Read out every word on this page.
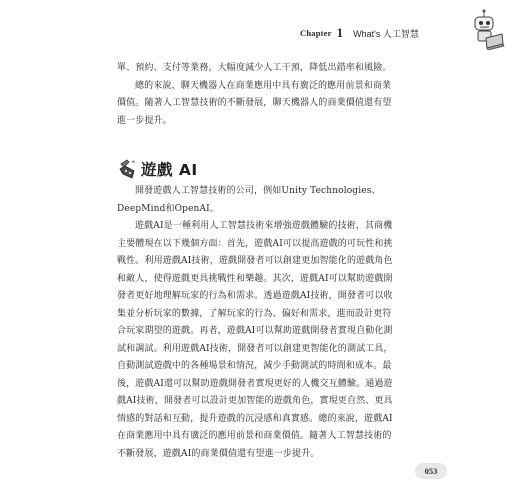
Chapter 1 What's 人工智慧
單、預約、支付等業務，大幅度減少人工干預，降低出錯率和風險。
總的來說，聊天機器人在商業應用中具有廣泛的應用前景和商業
價值。隨著人工智慧技術的不斷發展，聊天機器人的商業價值還有望
進一步提升。
遊戲 AI
開發遊戲人工智慧技術的公司，例如Unity Technologies、
DeepMind和OpenAI。
遊戲AI是一種利用人工智慧技術來增強遊戲體驗的技術，其商機
主要體現在以下幾個方面：首先，遊戲AI可以提高遊戲的可玩性和挑
戰性。利用遊戲AI技術，遊戲開發者可以創建更加智能化的遊戲角色
和敵人，使得遊戲更具挑戰性和樂趣。其次，遊戲AI可以幫助遊戲開
發者更好地理解玩家的行為和需求。透過遊戲AI技術，開發者可以收
集並分析玩家的數據，了解玩家的行為、偏好和需求，進而設計更符
合玩家期望的遊戲。再者，遊戲AI可以幫助遊戲開發者實現自動化測
試和調試。利用遊戲AI技術，開發者可以創建更智能化的測試工具，
自動測試遊戲中的各種場景和情況，減少手動測試的時間和成本。最
後，遊戲AI還可以幫助遊戲開發者實現更好的人機交互體驗。通過遊
戲AI技術，開發者可以設計更加智能的遊戲角色，實現更自然、更具
情感的對話和互動，提升遊戲的沉浸感和真實感。總的來說，遊戲AI
在商業應用中具有廣泛的應用前景和商業價值。隨著人工智慧技術的
不斷發展，遊戲AI的商業價值還有望進一步提升。
053
